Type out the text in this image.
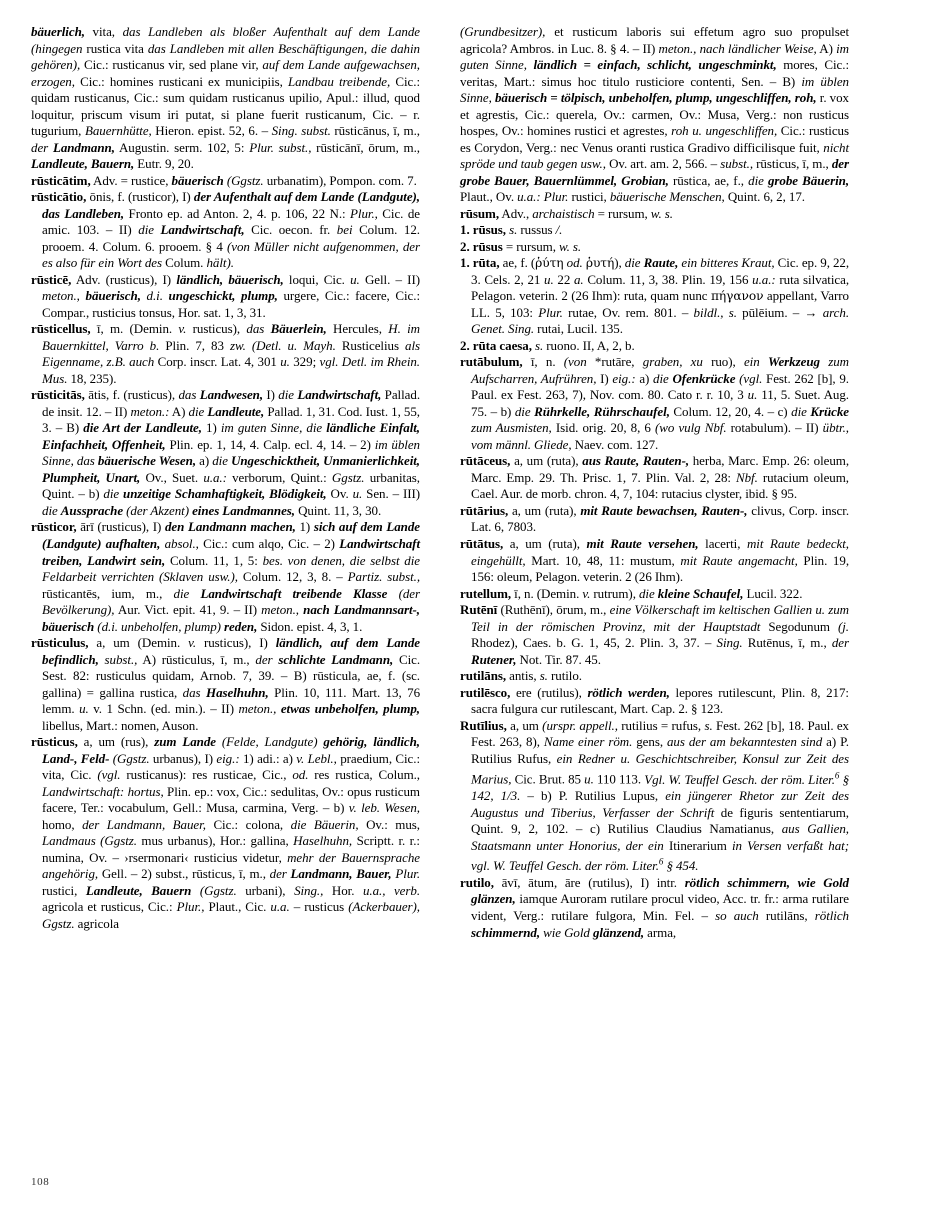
bäuerlich, vita, das Landleben als bloßer Aufenthalt auf dem Lande (hingegen rustica vita das Landleben mit allen Beschäftigungen, die dahin gehören), Cic.: rusticanus vir, sed plane vir, auf dem Lande aufgewachsen, erzogen, Cic.: homines rusticani ex municipiis, Landbau treibende, Cic.: quidam rusticanus, Cic.: sum quidam rusticanus upilio, Apul.: illud, quod loquitur, priscum visum iri putat, si plane fuerit rusticanum, Cic. – r. tugurium, Bauernhütte, Hieron. epist. 52, 6. – Sing. subst. rūsticānus, ī, m., der Landmann, Augustin. serm. 102, 5: Plur. subst., rūsticānī, ōrum, m., Landleute, Bauern, Eutr. 9, 20.

rūsticātim, Adv. = rustice, bäuerisch (Ggstz. urbanatim), Pompon. com. 7.

rūsticātio, ōnis, f. (rusticor), I) der Aufenthalt auf dem Lande (Landgute), das Landleben, Fronto ep. ad Anton. 2, 4. p. 106, 22 N.: Plur., Cic. de amic. 103. – II) die Landwirtschaft, Cic. oecon. fr. bei Colum. 12. prooem. 4. Colum. 6. prooem. § 4 (von Müller nicht aufgenommen, der es also für ein Wort des Colum. hält).

rūsticē, Adv. (rusticus), I) ländlich, bäuerisch, loqui, Cic. u. Gell. – II) meton., bäuerisch, d.i. ungeschickt, plump, urgere, Cic.: facere, Cic.: Compar., rusticius tonsus, Hor. sat. 1, 3, 31.

rūsticellus, ī, m. (Demin. v. rusticus), das Bäuerlein, Hercules, H. im Bauernkittel, Varro b. Plin. 7, 83 zw. (Detl. u. Mayh. Rusticelius als Eigenname, z.B. auch Corp. inscr. Lat. 4, 301 u. 329; vgl. Detl. im Rhein. Mus. 18, 235).

rūsticitās, ātis, f. (rusticus), das Landwesen, I) die Landwirtschaft, Pallad. de insit. 12. – II) meton.: A) die Landleute, Pallad. 1, 31. Cod. Iust. 1, 55, 3. – B) die Art der Landleute, 1) im guten Sinne, die ländliche Einfalt, Einfachheit, Offenheit, Plin. ep. 1, 14, 4. Calp. ecl. 4, 14. – 2) im üblen Sinne, das bäuerische Wesen, a) die Ungeschicktheit, Unmanierlichkeit, Plumpheit, Unart, Ov., Suet. u.a.: verborum, Quint.: Ggstz. urbanitas, Quint. – b) die unzeitige Schamhaftigkeit, Blödigkeit, Ov. u. Sen. – III) die Aussprache (der Akzent) eines Landmannes, Quint. 11, 3, 30.

rūsticor, ārī (rusticus), I) den Landmann machen, 1) sich auf dem Lande (Landgute) aufhalten, absol., Cic.: cum alqo, Cic. – 2) Landwirtschaft treiben, Landwirt sein, Colum. 11, 1, 5: bes. von denen, die selbst die Feldarbeit verrichten (Sklaven usw.), Colum. 12, 3, 8. – Partiz. subst., rūsticantēs, ium, m., die Landwirtschaft treibende Klasse (der Bevölkerung), Aur. Vict. epit. 41, 9. – II) meton., nach Landmannsart-, bäuerisch (d.i. unbeholfen, plump) reden, Sidon. epist. 4, 3, 1.

rūsticulus, a, um (Demin. v. rusticus), I) ländlich, auf dem Lande befindlich, subst., A) rūsticulus, ī, m., der schlichte Landmann, Cic. Sest. 82: rusticulus quidam, Arnob. 7, 39. – B) rūsticula, ae, f. (sc. gallina) = gallina rustica, das Haselhuhn, Plin. 10, 111. Mart. 13, 76 lemm. u. v. 1 Schn. (ed. min.). – II) meton., etwas unbeholfen, plump, libellus, Mart.: nomen, Auson.

rūsticus, a, um (rus), zum Lande (Felde, Landgute) gehörig, ländlich, Land-, Feld- (Ggstz. urbanus), I) eig.: 1) adi.: a) v. Lebl., praedium, Cic.: vita, Cic. (vgl. rusticanus): res rusticae, Cic., od. res rustica, Colum., Landwirtschaft: hortus, Plin. ep.: vox, Cic.: sedulitas, Ov.: opus rusticum facere, Ter.: vocabulum, Gell.: Musa, carmina, Verg. – b) v. leb. Wesen, homo, der Landmann, Bauer, Cic.: colona, die Bäuerin, Ov.: mus, Landmaus (Ggstz. mus urbanus), Hor.: gallina, Haselhuhn, Scriptt. r. r.: numina, Ov. – ›rsermonari‹ rusticius videtur, mehr der Bauernsprache angehörig, Gell. – 2) subst., rūsticus, ī, m., der Landmann, Bauer, Plur. rustici, Landleute, Bauern (Ggstz. urbani), Sing., Hor. u.a., verb. agricola et rusticus, Cic.: Plur., Plaut., Cic. u.a. – rusticus (Ackerbauer), Ggstz. agricola

(Grundbesitzer), et rusticum laboris sui effetum agro suo propulset agricola? Ambros. in Luc. 8. § 4. – II) meton., nach ländlicher Weise, A) im guten Sinne, ländlich = einfach, schlicht, ungeschminkt, mores, Cic.: veritas, Mart.: simus hoc titulo rusticiore contenti, Sen. – B) im üblen Sinne, bäuerisch = tölpisch, unbeholfen, plump, ungeschliffen, roh, r. vox et agrestis, Cic.: querela, Ov.: carmen, Ov.: Musa, Verg.: non rusticus hospes, Ov.: homines rustici et agrestes, roh u. ungeschliffen, Cic.: rusticus es Corydon, Verg.: nec Venus oranti rustica Gradivo difficilisque fuit, nicht spröde und taub gegen usw., Ov. art. am. 2, 566. – subst., rūsticus, ī, m., der grobe Bauer, Bauernlümmel, Grobian, rūstica, ae, f., die grobe Bäuerin, Plaut., Ov. u.a.: Plur. rustici, bäuerische Menschen, Quint. 6, 2, 17.

rūsum, Adv., archaistisch = rursum, w. s.

1. rūsus, s. russus /.

2. rūsus = rursum, w. s.

1. rūta, ae, f. (ῥύτη od. ῥυτή), die Raute, ein bitteres Kraut, Cic. ep. 9, 22, 3. Cels. 2, 21 u. 22 a. Colum. 11, 3, 38. Plin. 19, 156 u.a.: ruta silvatica, Pelagon. veterin. 2 (26 Ihm): ruta, quam nunc πήγανον appellant, Varro LL. 5, 103: Plur. rutae, Ov. rem. 801. – bildl., s. pūlēium. – → arch. Genet. Sing. rutai, Lucil. 135.

2. rūta caesa, s. ruono. II, A, 2, b.

rutābulum, ī, n. (von *rutāre, graben, xu ruo), ein Werkzeug zum Aufscharren, Aufrühren, I) eig.: a) die Ofenkrücke (vgl. Fest. 262 [b], 9. Paul. ex Fest. 263, 7), Nov. com. 80. Cato r. r. 10, 3 u. 11, 5. Suet. Aug. 75. – b) die Rührkelle, Rührschaufel, Colum. 12, 20, 4. – c) die Krücke zum Ausmisten, Isid. orig. 20, 8, 6 (wo vulg Nbf. rotabulum). – II) übtr., vom männl. Gliede, Naev. com. 127.

rūtāceus, a, um (ruta), aus Raute, Rauten-, herba, Marc. Emp. 26: oleum, Marc. Emp. 29. Th. Prisc. 1, 7. Plin. Val. 2, 28: Nbf. rutacium oleum, Cael. Aur. de morb. chron. 4, 7, 104: rutacius clyster, ibid. § 95.

rūtārius, a, um (ruta), mit Raute bewachsen, Rauten-, clivus, Corp. inscr. Lat. 6, 7803.

rūtātus, a, um (ruta), mit Raute versehen, lacerti, mit Raute bedeckt, eingehüllt, Mart. 10, 48, 11: mustum, mit Raute angemacht, Plin. 19, 156: oleum, Pelagon. veterin. 2 (26 Ihm).

rutellum, ī, n. (Demin. v. rutrum), die kleine Schaufel, Lucil. 322.

Rutēnī (Ruthēnī), ōrum, m., eine Völkerschaft im keltischen Gallien u. zum Teil in der römischen Provinz, mit der Hauptstadt Segodunum (j. Rhodez), Caes. b. G. 1, 45, 2. Plin. 3, 37. – Sing. Rutēnus, ī, m., der Rutener, Not. Tir. 87. 45.

rutilāns, antis, s. rutilo.

rutilēsco, ere (rutilus), rötlich werden, lepores rutilescunt, Plin. 8, 217: sacra fulgura cur rutilescant, Mart. Cap. 2. § 123.

Rutīlius, a, um (urspr. appell., rutilius = rufus, s. Fest. 262 [b], 18. Paul. ex Fest. 263, 8), Name einer röm. gens, aus der am bekanntesten sind a) P. Rutilius Rufus, ein Redner u. Geschichtschreiber, Konsul zur Zeit des Marius, Cic. Brut. 85 u. 110 113. Vgl. W. Teuffel Gesch. der röm. Liter.$^6$ § 142, 1/3. – b) P. Rutilius Lupus, ein jüngerer Rhetor zur Zeit des Augustus und Tiberius, Verfasser der Schrift de figuris sententiarum, Quint. 9, 2, 102. – c) Rutilius Claudius Namatianus, aus Gallien, Staatsmann unter Honorius, der ein Itinerarium in Versen verfaßt hat; vgl. W. Teuffel Gesch. der röm. Liter.$^6$ § 454.

rutilo, āvī, ātum, āre (rutilus), I) intr. rötlich schimmern, wie Gold glänzen, iamque Auroram rutilare procul video, Acc. tr. fr.: arma rutilare vident, Verg.: rutilare fulgora, Min. Fel. – so auch rutilāns, rötlich schimmernd, wie Gold glänzend, arma,

108
